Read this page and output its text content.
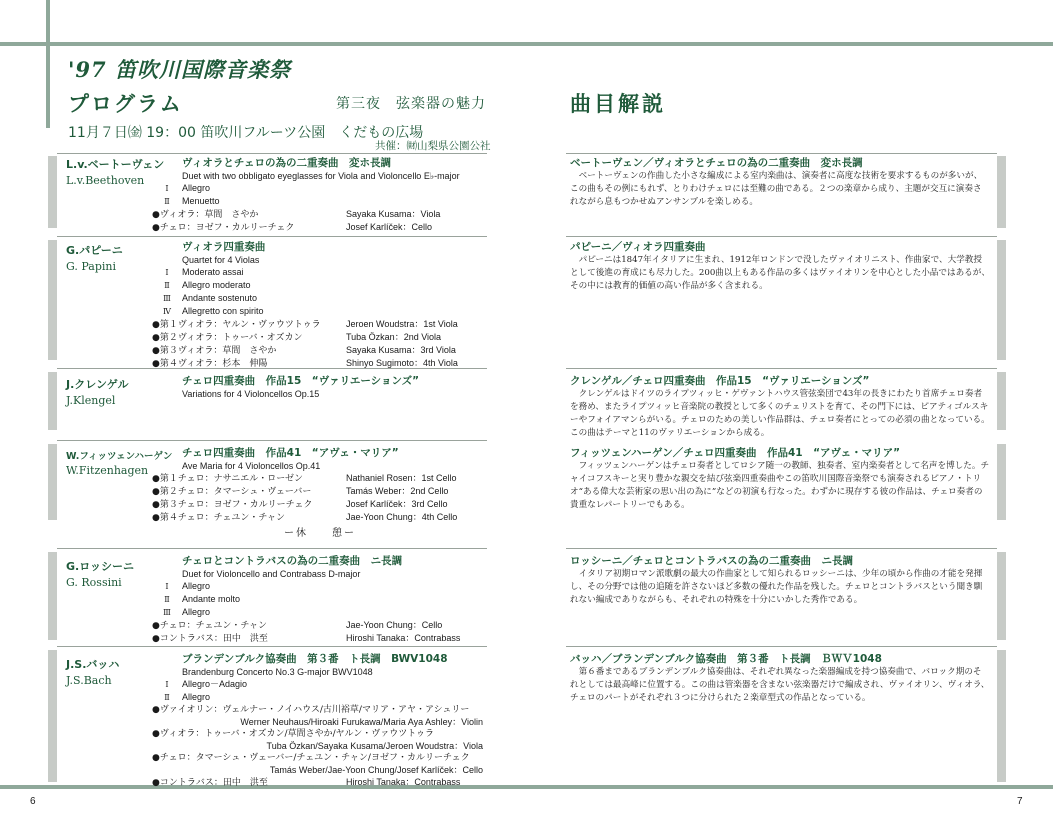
'97 笛吹川国際音楽祭
プログラム	第三夜　弦楽器の魅力	曲目解説
11月７日㈮ 19：00 笛吹川フルーツ公園　くだもの広場
共催：㈶山梨県公園公社
L.v.ベートーヴェン
L.v.Beethoven
ヴィオラとチェロの為の二重奏曲　変ホ長調
Duet with two obbligato eyeglasses for Viola and Violoncello E♭-major
Ⅰ Allegro
Ⅱ Menuetto
●ヴィオラ：草間　さやか	Sayaka Kusama：Viola
●チェロ：ヨゼフ・カルリーチェク	Josef Karlíček：Cello
G.パピーニ
G. Papini
ヴィオラ四重奏曲
Quartet for 4 Violas
Ⅰ Moderato assai
Ⅱ Allegro moderato
Ⅲ Andante sostenuto
Ⅳ Allegretto con spirito
●第１ヴィオラ：ヤルン・ヴァウツトゥラ	Jeroen Woudstra：1st Viola
●第２ヴィオラ：トゥーバ・オズカン	Tuba Özkan：2nd Viola
●第３ヴィオラ：草間　さやか	Sayaka Kusama：3rd Viola
●第４ヴィオラ：杉本　伸陽	Shinyo Sugimoto：4th Viola
J.クレンゲル
J.Klengel
チェロ四重奏曲　作品15　“ヴァリエーションズ”
Variations for 4 Violoncellos Op.15
W.フィッツェンハーゲン
W.Fitzenhagen
チェロ四重奏曲　作品41　“アヴェ・マリア”
Ave Maria for 4 Violoncellos Op.41
●第１チェロ：ナサニエル・ローゼン	Nathaniel Rosen：1st Cello
●第２チェロ：タマーシュ・ヴェーバー	Tamás Weber：2nd Cello
●第３チェロ：ヨゼフ・カルリーチェク	Josef Karlíček：3rd Cello
●第４チェロ：チェユン・チャン	Jae-Yoon Chung：4th Cello
ー休　　憩ー
G.ロッシーニ
G. Rossini
チェロとコントラバスの為の二重奏曲　ニ長調
Duet for Violoncello and Contrabass D-major
Ⅰ Allegro
Ⅱ Andante molto
Ⅲ Allegro
●チェロ：チェユン・チャン	Jae-Yoon Chung：Cello
●コントラバス：田中　洪至	Hiroshi Tanaka：Contrabass
J.S.バッハ
J.S.Bach
ブランデンブルク協奏曲　第３番　ト長調　BWV1048
Brandenburg Concerto No.3 G-major BWV1048
Ⅰ Allegro－Adagio
Ⅱ Allegro
●ヴァイオリン：ヴェルナー・ノイハウス/古川裕草/マリア・アヤ・アシュリー
Werner Neuhaus/Hiroaki Furukawa/Maria Aya Ashley：Violin
●ヴィオラ：トゥーバ・オズカン/草間さやか/ヤルン・ヴァウツトゥラ
Tuba Özkan/Sayaka Kusama/Jeroen Woudstra：Viola
●チェロ：タマーシュ・ヴェーバー/チェユン・チャン/ヨゼフ・カルリーチェク
Tamás Weber/Jae-Yoon Chung/Josef Karlíček：Cello
●コントラバス：田中　洪至	Hiroshi Tanaka：Contrabass
ベートーヴェン／ヴィオラとチェロの為の二重奏曲　変ホ長調
　ベートーヴェンの作曲した小さな編成による室内楽曲は、演奏者に高度な技術を要求するものが多いが、この曲もその例にもれず、とりわけチェロには至難の曲である。２つの楽章から成り、主題が交互に演奏されながら息もつかせぬアンサンブルを楽しめる。
パピーニ／ヴィオラ四重奏曲
　パピーニは1847年イタリアに生まれ、1912年ロンドンで没したヴァイオリニスト、作曲家で、大学教授として後進の育成にも尽力した。200曲以上もある作品の多くはヴァイオリンを中心とした小品ではあるが、その中には教育的価値の高い作品が多く含まれる。
クレンゲル／チェロ四重奏曲　作品15　“ヴァリエーションズ”
　クレンゲルはドイツのライプツィッヒ・ゲヴァントハウス管弦楽団で43年の長きにわたり首席チェロ奏者を務め、またライプツィッヒ音楽院の教授として多くのチェリストを育て、その門下には、ピアティゴルスキーやフォイアマンらがいる。チェロのための美しい作品群は、チェロ奏者にとっての必須の曲となっている。この曲はテーマと11のヴァリエーションから成る。
フィッツェンハーゲン／チェロ四重奏曲　作品41　“アヴェ・マリア”
　フィッツェンハーゲンはチェロ奏者としてロシア随一の教師、独奏者、室内楽奏者として名声を博した。チャイコフスキーと実り豊かな親交を結び弦楽四重奏曲やこの笛吹川国際音楽祭でも演奏されるピアノ・トリオ“ある偉大な芸術家の思い出の為に”などの初演も行なった。わずかに現存する彼の作品は、チェロ奏者の貴重なレパートリーでもある。
ロッシーニ／チェロとコントラバスの為の二重奏曲　ニ長調
　イタリア初期ロマン派歌劇の最大の作曲家として知られるロッシーニは、少年の頃から作曲の才能を発揮し、その分野では他の追随を許さないほど多数の優れた作品を残した。チェロとコントラバスという聞き馴れない編成でありながらも、それぞれの特殊を十分にいかした秀作である。
バッハ／ブランデンブルク協奏曲　第３番　ト長調　ＢＷＶ1048
　第６番まであるブランデンブルク協奏曲は、それぞれ異なった楽器編成を持つ協奏曲で、バロック期のそれとしては最高峰に位置する。この曲は管楽器を含まない弦楽器だけで編成され、ヴァイオリン、ヴィオラ、チェロのパートがそれぞれ３つに分けられた２楽章型式の作品となっている。
6	7
